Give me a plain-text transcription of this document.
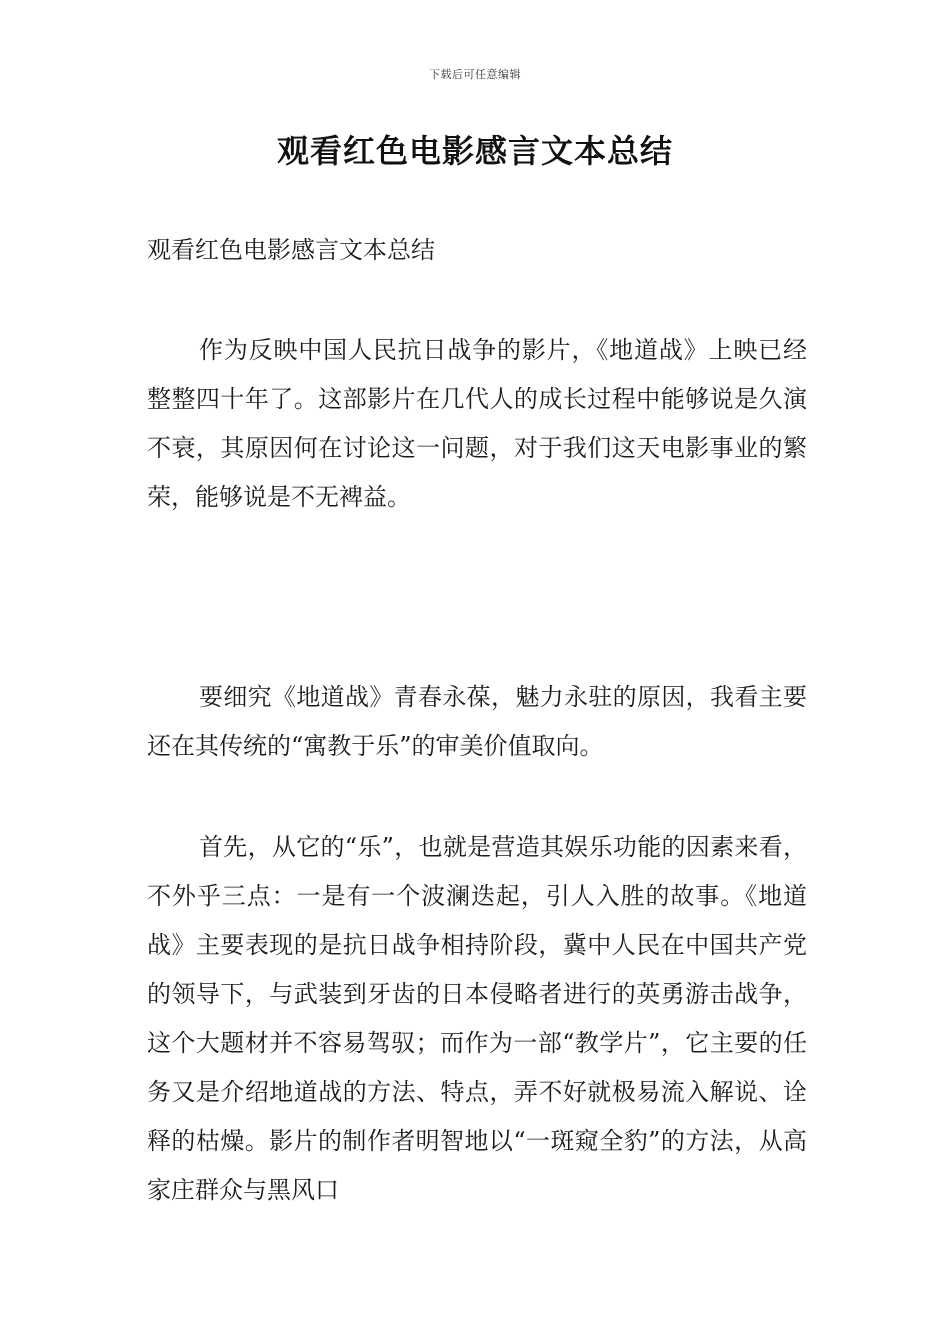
下载后可任意编辑
观看红色电影感言文本总结
观看红色电影感言文本总结
作为反映中国人民抗日战争的影片，《地道战》上映已经整整四十年了。这部影片在几代人的成长过程中能够说是久演不衰，其原因何在讨论这一问题，对于我们这天电影事业的繁荣，能够说是不无裨益。
要细究《地道战》青春永葆，魅力永驻的原因，我看主要还在其传统的“寓教于乐”的审美价值取向。
首先，从它的“乐”，也就是营造其娱乐功能的因素来看，不外乎三点：一是有一个波澜迭起，引人入胜的故事。《地道战》主要表现的是抗日战争相持阶段，冀中人民在中国共产党的领导下，与武装到牙齿的日本侵略者进行的英勇游击战争，这个大题材并不容易驾驭；而作为一部“教学片”，它主要的任务又是介绍地道战的方法、特点，弄不好就极易流入解说、诠释的枯燥。影片的制作者明智地以“一斑窥全豹”的方法，从高家庄群众与黑风口
